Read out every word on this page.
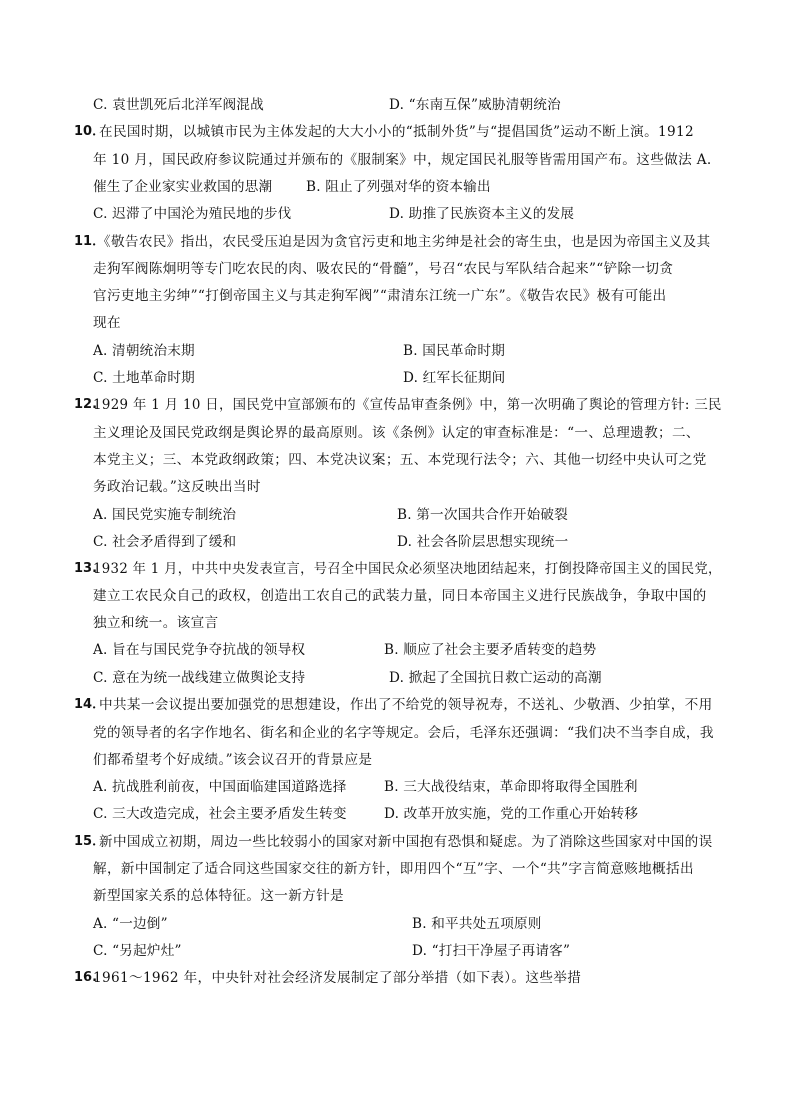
C. 袁世凯死后北洋军阀混战	D. “东南互保”威胁清朝统治
10．
在民国时期，以城镇市民为主体发起的大大小小的“抵制外货”与“提倡国货”运动不断上演。1912
年 10 月，国民政府参议院通过并颁布的《服制案》中，规定国民礼服等皆需用国产布。这些做法 A.
催生了企业家实业救国的思潮 B. 阻止了列强对华的资本输出
C. 迟滞了中国沦为殖民地的步伐	D. 助推了民族资本主义的发展
11．
《敬告农民》指出，农民受压迫是因为贪官污吏和地主劣绅是社会的寄生虫，也是因为帝国主义及其
走狗军阀陈炯明等专门吃农民的肉、吸农民的“骨髓”，号召“农民与军队结合起来”“铲除一切贪
官污吏地主劣绅”“打倒帝国主义与其走狗军阀”“肃清东江统一广东”。《敬告农民》极有可能出
现在
A. 清朝统治末期	B. 国民革命时期
C. 土地革命时期	D. 红军长征期间
12.
1929 年 1 月 10 日，国民党中宣部颁布的《宣传品审查条例》中，第一次明确了舆论的管理方针: 三民
主义理论及国民党政纲是舆论界的最高原则。该《条例》认定的审查标准是：“一、总理遗教；二、
本党主义；三、本党政纲政策；四、本党决议案；五、本党现行法令；六、其他一切经中央认可之党
务政治记载。”这反映出当时
A. 国民党实施专制统治	B. 第一次国共合作开始破裂
C. 社会矛盾得到了缓和	D. 社会各阶层思想实现统一
13.
1932 年 1 月，中共中央发表宣言，号召全中国民众必须坚决地团结起来，打倒投降帝国主义的国民党，
建立工农民众自己的政权，创造出工农自己的武装力量，同日本帝国主义进行民族战争，争取中国的
独立和统一。该宣言
A. 旨在与国民党争夺抗战的领导权	B. 顺应了社会主要矛盾转变的趋势
C. 意在为统一战线建立做舆论支持	D. 掀起了全国抗日救亡运动的高潮
14．
中共某一会议提出要加强党的思想建设，作出了不给党的领导祝寿，不送礼、少敬酒、少拍掌，不用
党的领导者的名字作地名、街名和企业的名字等规定。会后，毛泽东还强调：“我们决不当李自成，我
们都希望考个好成绩。”该会议召开的背景应是
A. 抗战胜利前夜，中国面临建国道路选择	B. 三大战役结束，革命即将取得全国胜利
C. 三大改造完成，社会主要矛盾发生转变	D. 改革开放实施，党的工作重心开始转移
15．
新中国成立初期，周边一些比较弱小的国家对新中国抱有恐惧和疑虑。为了消除这些国家对中国的误
解，新中国制定了适合同这些国家交往的新方针，即用四个“互”字、一个“共”字言简意赅地概括出
新型国家关系的总体特征。这一新方针是
A. “一边倒”	B. 和平共处五项原则
C. “另起炉灶”	D. “打扫干净屋子再请客”
16.
1961～1962 年，中央针对社会经济发展制定了部分举措（如下表）。这些举措
